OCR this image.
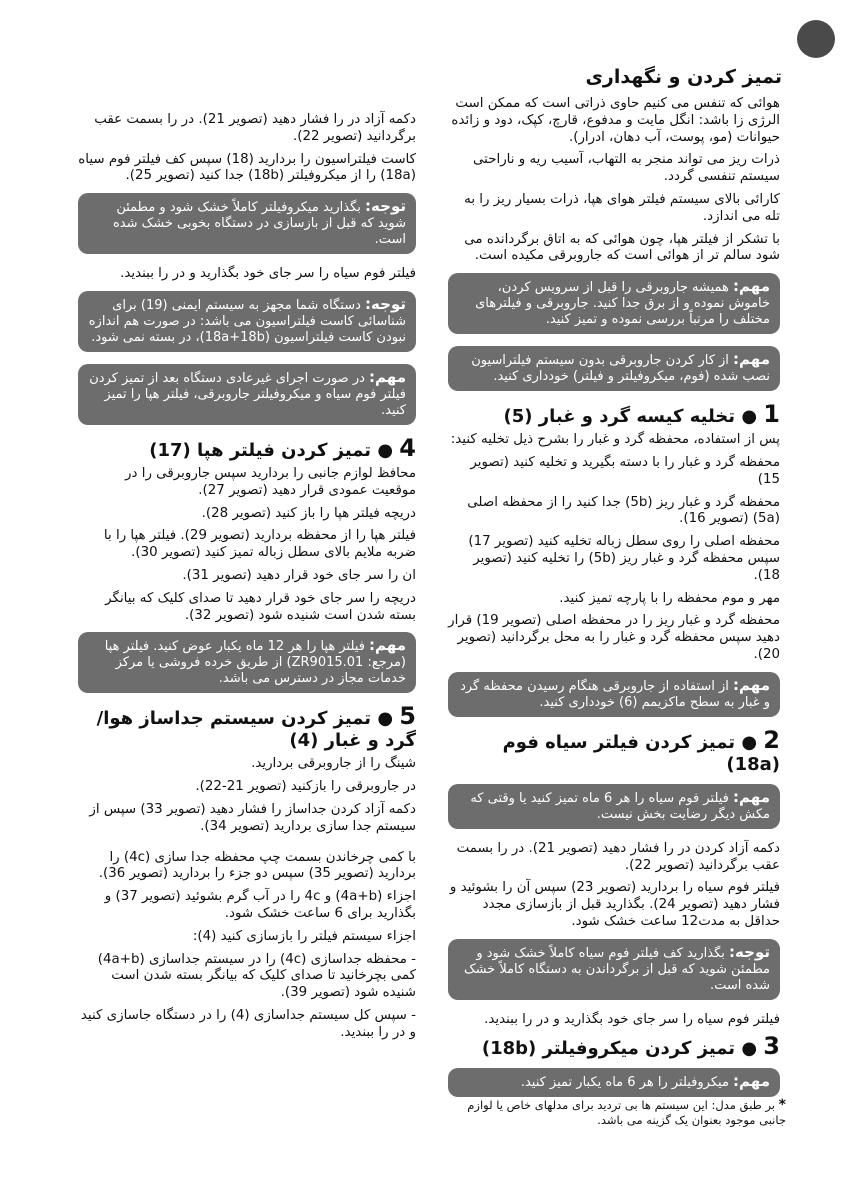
تمیز کردن و نگهداری

هوائی که تنفس می کنیم حاوی ذراتی است که ممکن است الرژی زا باشد: انگل مایت و مدفوع، قارچ، کپک، دود و زائده حیوانات (مو، پوست، آب دهان، ادرار).

ذرات ریز می تواند منجر به التهاب، آسیب ریه و ناراحتی سیستم تنفسی گردد.

کارائی بالای سیستم فیلتر هوای هپا، ذرات بسیار ریز را به تله می اندازد.

با تشکر از فیلتر هپا، چون هوائی که به اتاق برگردانده می شود سالم تر از هوائی است که جاروبرقی مکیده است.

مهم: همیشه جاروبرقی را قبل از سرویس کردن، خاموش نموده و از برق جدا کنید. جاروبرقی و فیلترهای مختلف را مرتباً بررسی نموده و تمیز کنید.
مهم: از کار کردن جاروبرقی بدون سیستم فیلتراسیون نصب شده (فوم، میکروفیلتر و فیلتر) خودداری کنید.
1 ● تخلیه کیسه گرد و غبار (5)

پس از استفاده، محفظه گرد و غبار را بشرح ذیل تخلیه کنید:

محفظه گرد و غبار را با دسته بگیرید و تخلیه کنید (تصویر 15)

محفظه گرد و غبار ریز (5b) جدا کنید را از محفظه اصلی (5a) (تصویر 16).

محفظه اصلی را روی سطل زباله تخلیه کنید (تصویر 17) سپس محفظه گرد و غبار ریز (5b) را تخلیه کنید (تصویر 18).

مهر و موم محفظه را با پارچه تمیز کنید.

محفظه گرد و غبار ریز را در محفظه اصلی (تصویر 19) قرار دهید سپس محفظه گرد و غبار را به محل برگردانید (تصویر 20).

مهم: از استفاده از جاروبرقی هنگام رسیدن محفظه گرد و غبار به سطح ماکزیمم (6) خودداری کنید.
2 ● تمیز کردن فیلتر سیاه فوم (18a)
مهم: فیلتر فوم سیاه را هر 6 ماه تمیز کنید یا وقتی که مکش دیگر رضایت بخش نیست.

دکمه آزاد کردن در را فشار دهید (تصویر 21). در را بسمت عقب برگردانید (تصویر 22).

فیلتر فوم سیاه را بردارید (تصویر 23) سپس آن را بشوئید و فشار دهید (تصویر 24). بگذارید قبل از بازسازی مجدد حداقل به مدت12 ساعت خشک شود.

توجه: بگذارید کف فیلتر فوم سیاه کاملاً خشک شود و مطمئن شوید که قبل از برگرداندن به دستگاه کاملاً خشک شده است.

فیلتر فوم سیاه را سر جای خود بگذارید و در را ببندید.

3 ● تمیز کردن میکروفیلتر (18b)
مهم: میکروفیلتر را هر 6 ماه یکبار تمیز کنید.

دکمه آزاد در را فشار دهید (تصویر 21). در را بسمت عقب برگردانید (تصویر 22).

کاست فیلتراسیون را بردارید (18) سپس کف فیلتر فوم سیاه (18a) را از میکروفیلتر (18b) جدا کنید (تصویر 25).

توجه: بگذارید میکروفیلتر کاملاً خشک شود و مطمئن شوید که قبل از بازسازی در دستگاه بخوبی خشک شده است.

فیلتر فوم سیاه را سر جای خود بگذارید و در را ببندید.

توجه: دستگاه شما مجهز به سیستم ایمنی (19) برای شناسائی کاست فیلتراسیون می باشد: در صورت هم اندازه نبودن کاست فیلتراسیون (18a+18b)، در بسته نمی شود.
مهم: در صورت اجرای غیرعادی دستگاه بعد از تمیز کردن فیلتر فوم سیاه و میکروفیلتر جاروبرقی، فیلتر هپا را تمیز کنید.
4 ● تمیز کردن فیلتر هپا (17)

محافظ لوازم جانبی را بردارید سپس جاروبرقی را در موقعیت عمودی قرار دهید (تصویر 27).

دریچه فیلتر هپا را باز کنید (تصویر 28).

فیلتر هپا را از محفظه بردارید (تصویر 29). فیلتر هپا را با ضربه ملایم بالای سطل زباله تمیز کنید (تصویر 30).

ان را سر جای خود قرار دهید (تصویر 31).

دریچه را سر جای خود قرار دهید تا صدای کلیک که بیانگر بسته شدن است شنیده شود (تصویر 32).

مهم: فیلتر هپا را هر 12 ماه یکبار عوض کنید. فیلتر هپا (مرجع: ZR9015.01) از طریق خرده فروشی یا مرکز خدمات مجاز در دسترس می باشد.
5 ● تمیز کردن سیستم جداساز هوا/گرد و غبار (4)

شینگ را از جاروبرقی بردارید.

در جاروبرقی را بازکنید (تصویر 21-22).

دکمه آزاد کردن جداساز را فشار دهید (تصویر 33) سپس از سیستم جدا سازی بردارید (تصویر 34).

با کمی چرخاندن بسمت چپ محفظه جدا سازی (4c) را بردارید (تصویر 35) سپس دو جزء را بردارید (تصویر 36).

اجزاء (4a+b) و 4c را در آب گرم بشوئید (تصویر 37) و بگذارید برای 6 ساعت خشک شود.

اجزاء سیستم فیلتر را بازسازی کنید (4):

- محفظه جداسازی (4c) را در سیستم جداسازی (4a+b) کمی بچرخانید تا صدای کلیک که بیانگر بسته شدن است شنیده شود (تصویر 39).

- سپس کل سیستم جداسازی (4) را در دستگاه جاسازی کنید و در را ببندید.

* بر طبق مدل: این سیستم ها بی تردید برای مدلهای خاص یا لوازم جانبی موجود بعنوان یک گزینه می باشد.
